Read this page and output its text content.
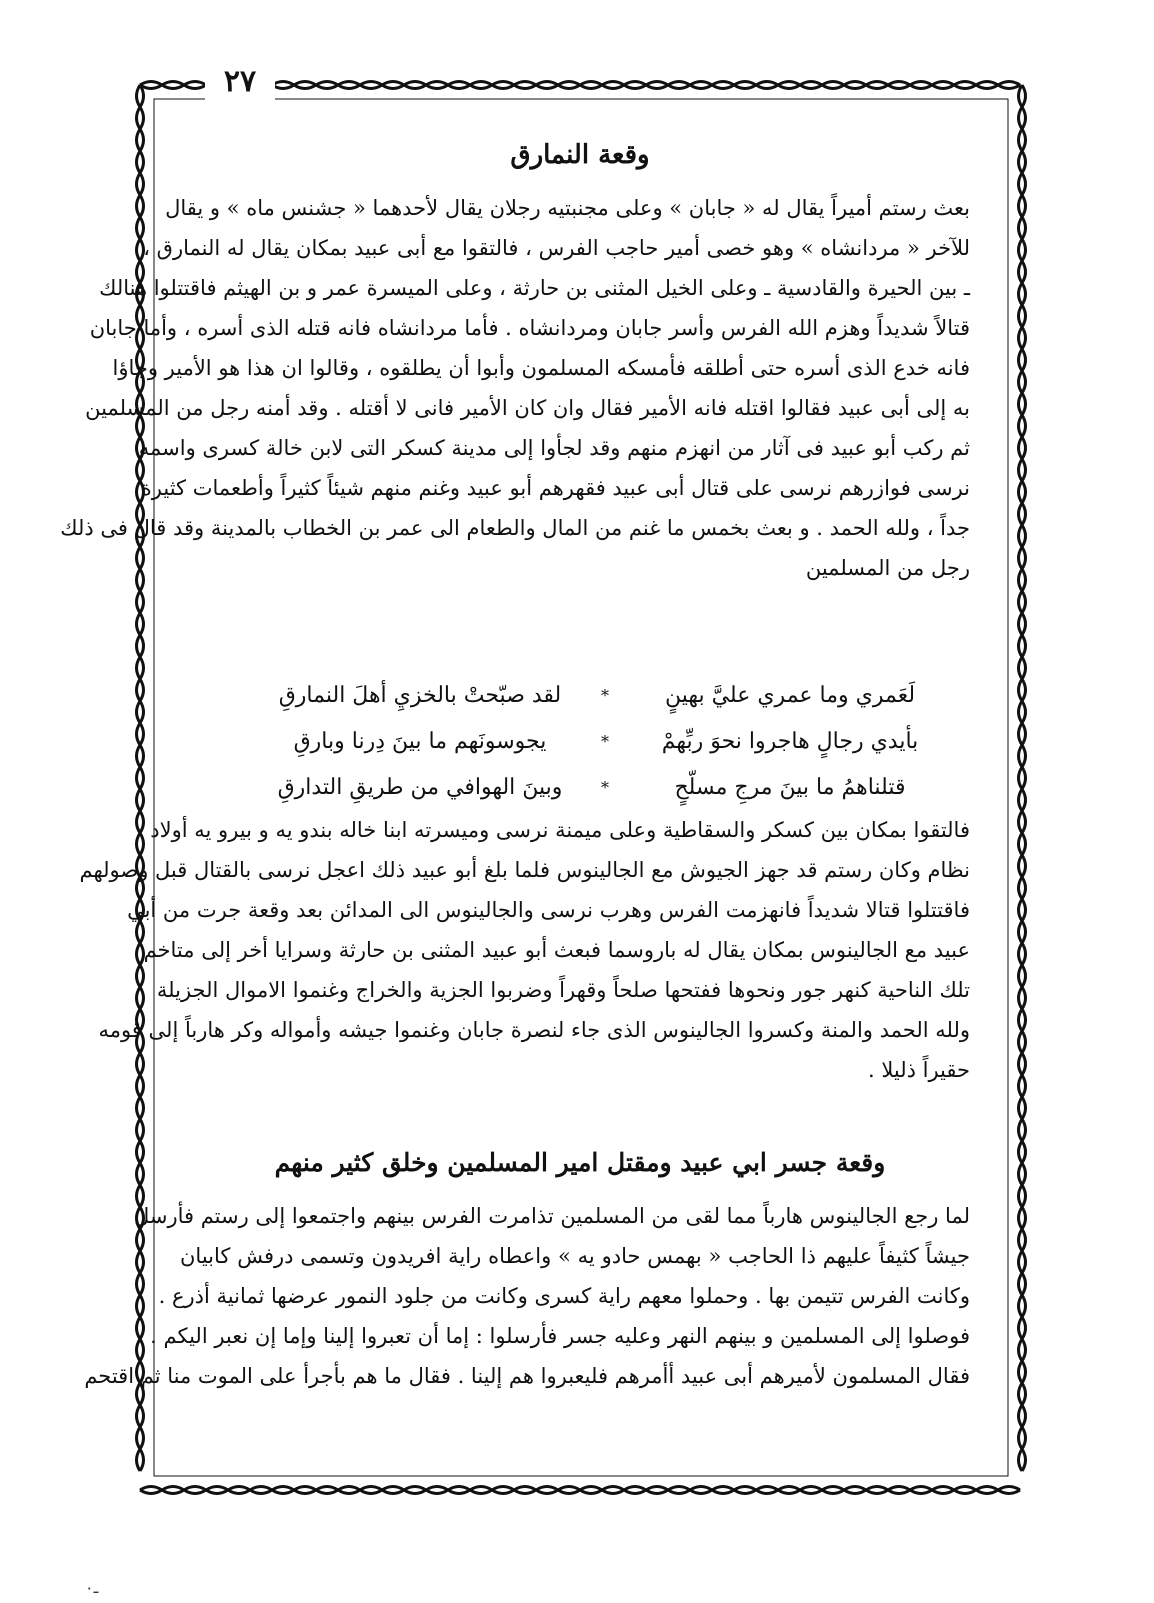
٢٧
وقعة النمارق
بعث رستم أميراً يقال له « جابان » وعلى مجنبتيه رجلان يقال لأحدهما « جشنس ماه » و يقال
للآخر « مردانشاه » وهو خصى أمير حاجب الفرس ، فالتقوا مع أبى عبيد بمكان يقال له النمارق ،
ـ بين الحيرة والقادسية ـ وعلى الخيل المثنى بن حارثة ، وعلى الميسرة عمر و بن الهيثم فاقتتلوا هنالك
قتالاً شديداً وهزم الله الفرس وأسر جابان ومردانشاه . فأما مردانشاه فانه قتله الذى أسره ، وأما جابان
فانه خدع الذى أسره حتى أطلقه فأمسكه المسلمون وأبوا أن يطلقوه ، وقالوا ان هذا هو الأمير وجاؤا
به إلى أبى عبيد فقالوا اقتله فانه الأمير فقال وان كان الأمير فانى لا أقتله . وقد أمنه رجل من المسلمين
ثم ركب أبو عبيد فى آثار من انهزم منهم وقد لجأوا إلى مدينة كسكر التى لابن خالة كسرى واسمه
نرسى فوازرهم نرسى على قتال أبى عبيد فقهرهم أبو عبيد وغنم منهم شيئاً كثيراً وأطعمات كثيرة
جداً ، ولله الحمد . و بعث بخمس ما غنم من المال والطعام الى عمر بن الخطاب بالمدينة وقد قال فى ذلك
رجل من المسلمين
لَعَمري وما عمري عليَّ بهينٍ
*
لقد صبّحتْ بالخزيِ أهلَ النمارقِ
بأيدي رجالٍ هاجروا نحوَ ربِّهمْ
*
يجوسونَهم ما بينَ دِرنا وبارقِ
قتلناهمُ ما بينَ مرجِ مسلّحٍ
*
وبينَ الهوافي من طريقِ التدارقِ
فالتقوا بمكان بين كسكر والسقاطية وعلى ميمنة نرسى وميسرته ابنا خاله بندو يه و بيرو يه أولاد
نظام وكان رستم قد جهز الجيوش مع الجالينوس فلما بلغ أبو عبيد ذلك اعجل نرسى بالقتال قبل وصولهم
فاقتتلوا قتالا شديداً فانهزمت الفرس وهرب نرسى والجالينوس الى المدائن بعد وقعة جرت من أبي
عبيد مع الجالينوس بمكان يقال له باروسما فبعث أبو عبيد المثنى بن حارثة وسرايا أخر إلى متاخم
تلك الناحية كنهر جور ونحوها ففتحها صلحاً وقهراً وضربوا الجزية والخراج وغنموا الاموال الجزيلة
ولله الحمد والمنة وكسروا الجالينوس الذى جاء لنصرة جابان وغنموا جيشه وأمواله وكر هارباً إلى قومه
حقيراً ذليلا .
وقعة جسر ابي عبيد ومقتل امير المسلمين وخلق كثير منهم
لما رجع الجالينوس هارباً مما لقى من المسلمين تذامرت الفرس بينهم واجتمعوا إلى رستم فأرسل
جيشاً كثيفاً عليهم ذا الحاجب « بهمس حادو يه » واعطاه راية افريدون وتسمى درفش كابيان
وكانت الفرس تتيمن بها . وحملوا معهم راية كسرى وكانت من جلود النمور عرضها ثمانية أذرع .
فوصلوا إلى المسلمين و بينهم النهر وعليه جسر فأرسلوا : إما أن تعبروا إلينا وإما إن نعبر اليكم .
فقال المسلمون لأميرهم أبى عبيد أأمرهم فليعبروا هم إلينا . فقال ما هم بأجرأ على الموت منا ثم اقتحم
ـ٠
